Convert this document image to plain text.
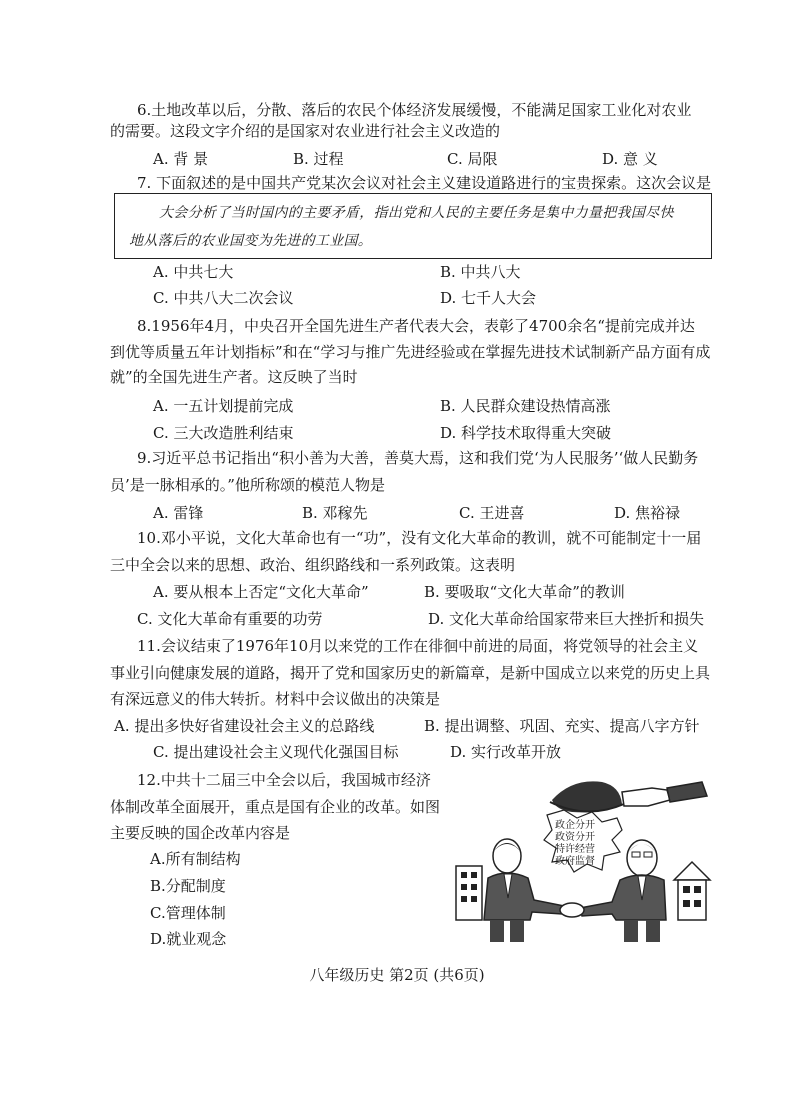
6.土地改革以后，分散、落后的农民个体经济发展缓慢，不能满足国家工业化对农业
的需要。这段文字介绍的是国家对农业进行社会主义改造的
A. 背 景	B. 过程	C. 局限	D. 意 义
7. 下面叙述的是中国共产党某次会议对社会主义建设道路进行的宝贵探索。这次会议是
大会分析了当时国内的主要矛盾，指出党和人民的主要任务是集中力量把我国尽快
地从落后的农业国变为先进的工业国。
A. 中共七大	B. 中共八大
C. 中共八大二次会议	D. 七千人大会
8.1956年4月，中央召开全国先进生产者代表大会，表彰了4700余名“提前完成并达
到优等质量五年计划指标”和在“学习与推广先进经验或在掌握先进技术试制新产品方面有成
就”的全国先进生产者。这反映了当时
A. 一五计划提前完成	B. 人民群众建设热情高涨
C. 三大改造胜利结束	D. 科学技术取得重大突破
9.习近平总书记指出“积小善为大善，善莫大焉，这和我们党‘为人民服务’‘做人民勤务
员’是一脉相承的。”他所称颂的模范人物是
A. 雷锋	B. 邓稼先	C. 王进喜	D. 焦裕禄
10.邓小平说，文化大革命也有一“功”，没有文化大革命的教训，就不可能制定十一届
三中全会以来的思想、政治、组织路线和一系列政策。这表明
A. 要从根本上否定“文化大革命”	B. 要吸取“文化大革命”的教训
C. 文化大革命有重要的功劳	D. 文化大革命给国家带来巨大挫折和损失
11.会议结束了1976年10月以来党的工作在徘徊中前进的局面，将党领导的社会主义
事业引向健康发展的道路，揭开了党和国家历史的新篇章，是新中国成立以来党的历史上具
有深远意义的伟大转折。材料中会议做出的决策是
A. 提出多快好省建设社会主义的总路线	B. 提出调整、巩固、充实、提高八字方针
C. 提出建设社会主义现代化强国目标	D. 实行改革开放
12.中共十二届三中全会以后，我国城市经济
体制改革全面展开，重点是国有企业的改革。如图
主要反映的国企改革内容是
A.所有制结构
B.分配制度
C.管理体制
D.就业观念
政企分开
政资分开
特许经营
政府监督
八年级历史 第2页 (共6页)
